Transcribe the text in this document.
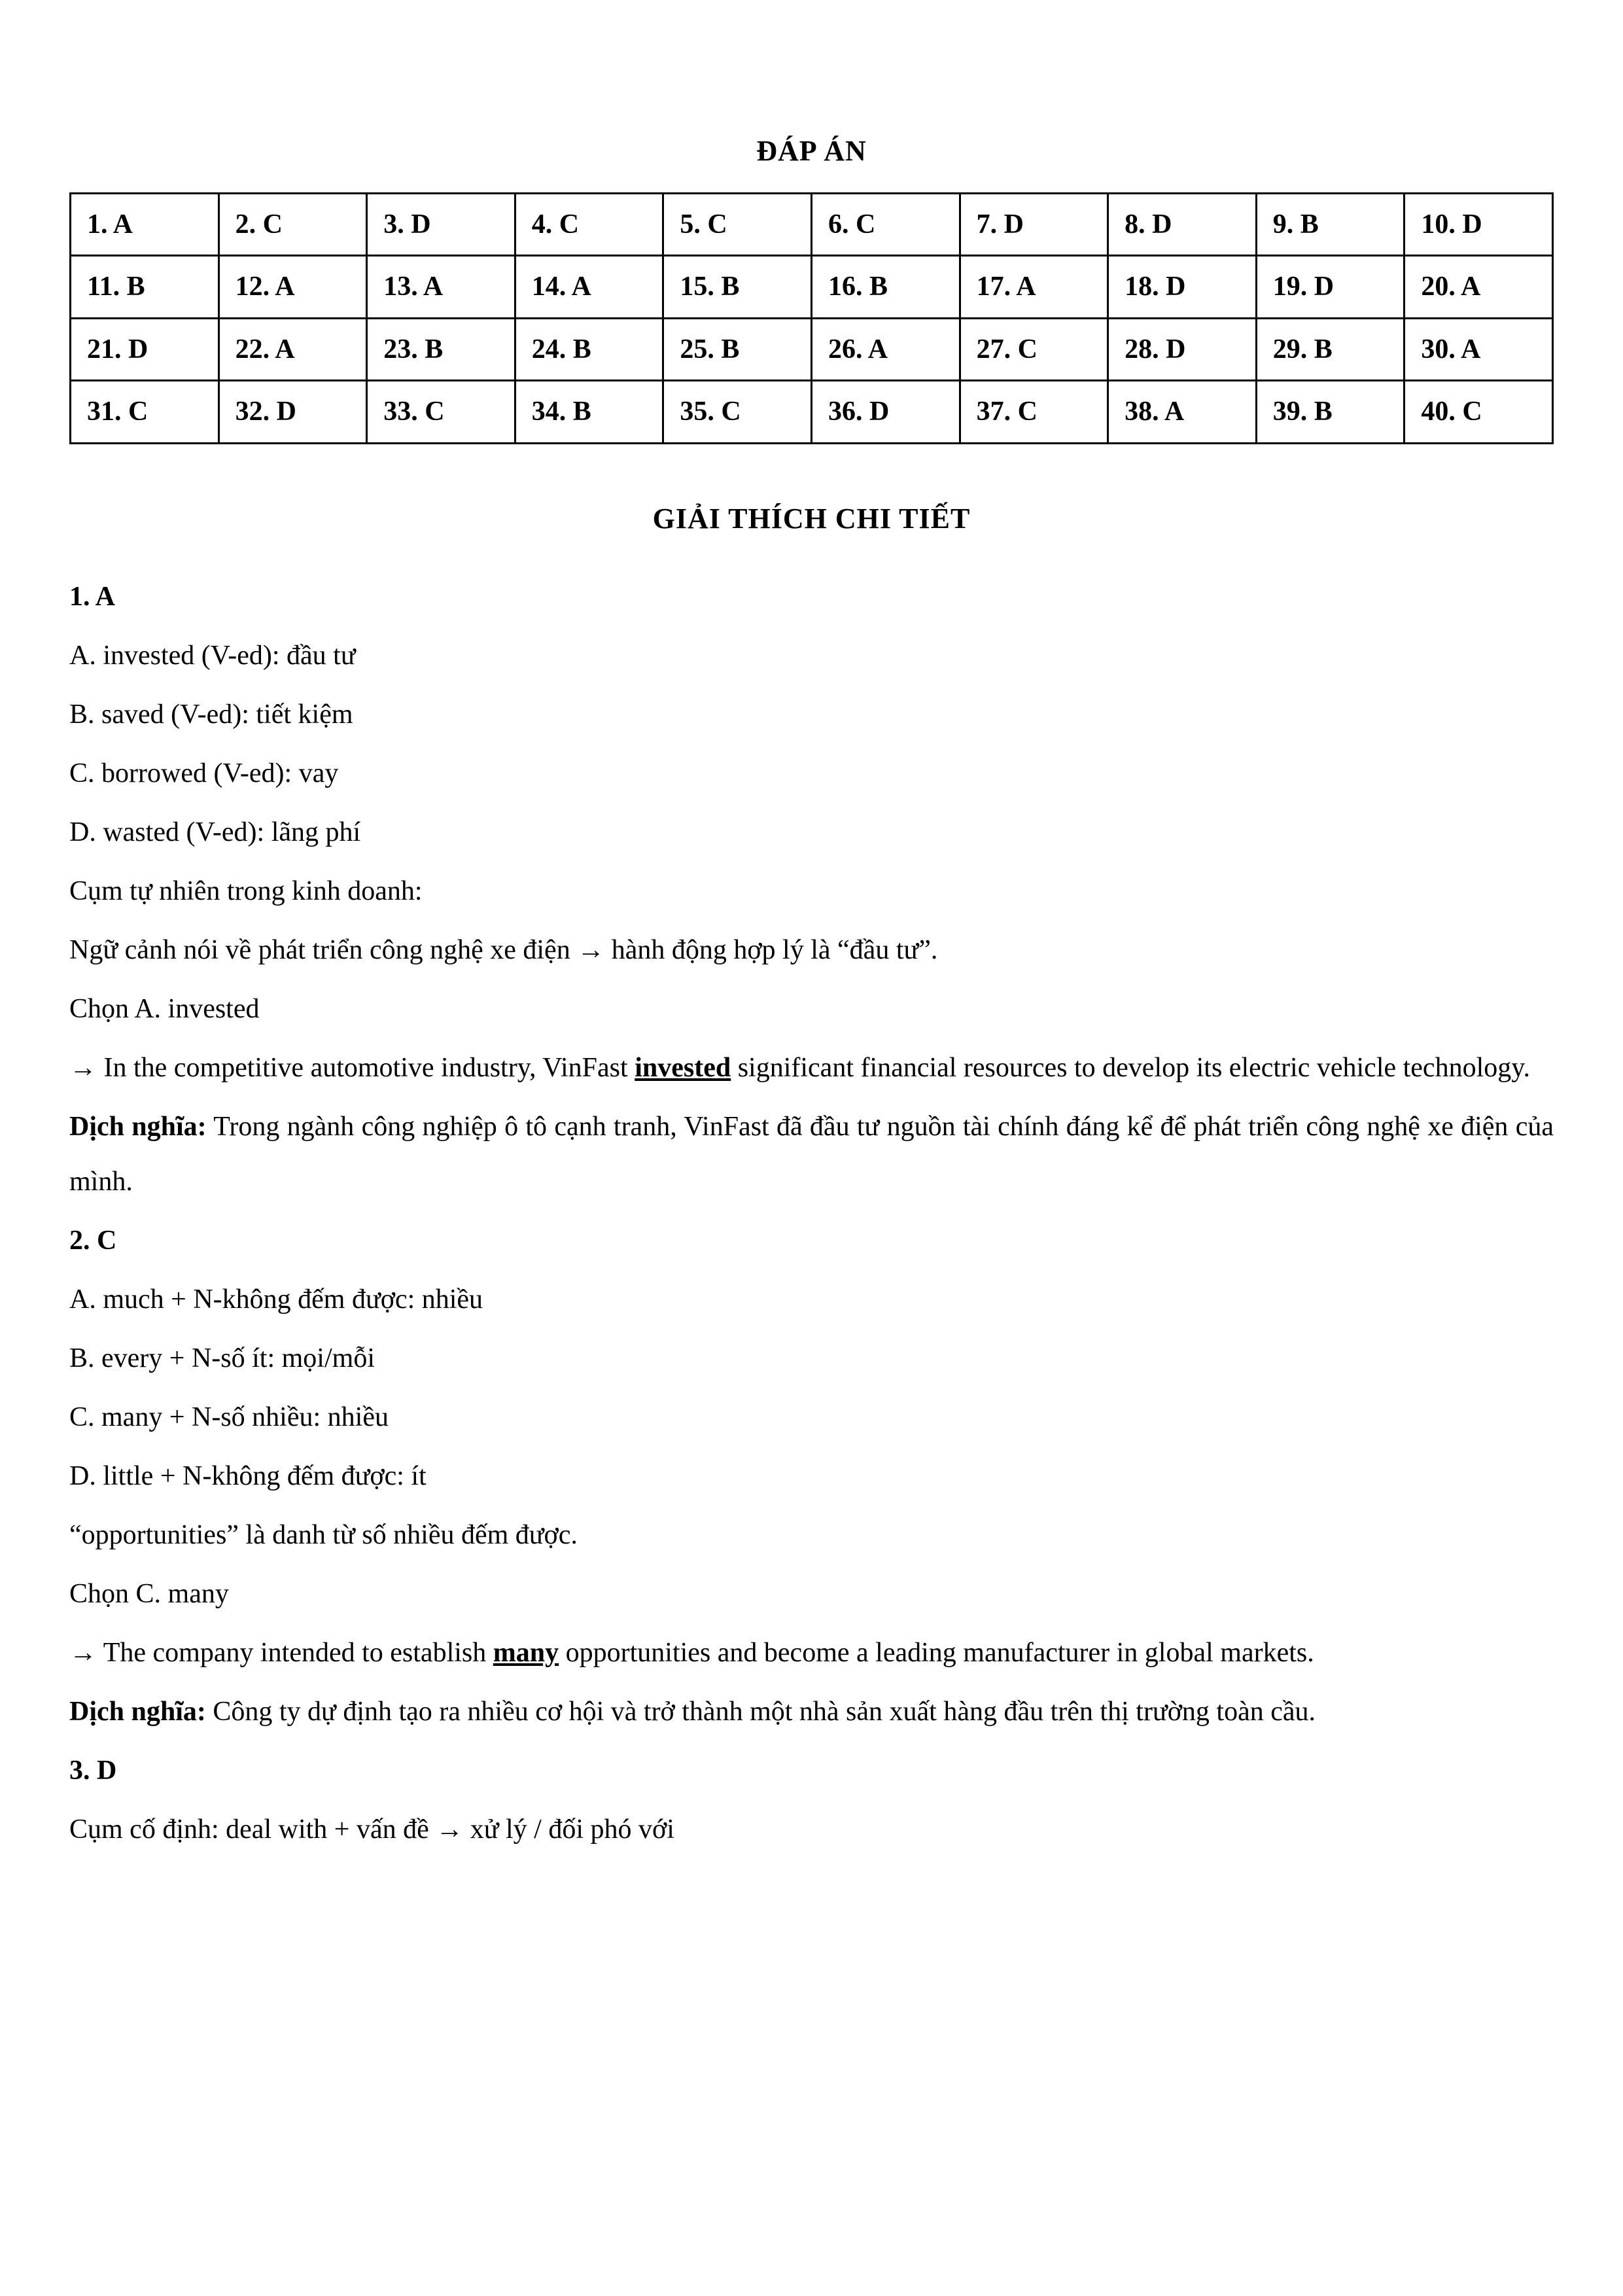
ĐÁP ÁN
1. A	2. C	3. D	4. C	5. C	6. C	7. D	8. D	9. B	10. D
11. B	12. A	13. A	14. A	15. B	16. B	17. A	18. D	19. D	20. A
21. D	22. A	23. B	24. B	25. B	26. A	27. C	28. D	29. B	30. A
31. C	32. D	33. C	34. B	35. C	36. D	37. C	38. A	39. B	40. C
GIẢI THÍCH CHI TIẾT

1. A

A. invested (V-ed): đầu tư

B. saved (V-ed): tiết kiệm

C. borrowed (V-ed): vay

D. wasted (V-ed): lãng phí

Cụm tự nhiên trong kinh doanh:

Ngữ cảnh nói về phát triển công nghệ xe điện → hành động hợp lý là “đầu tư”.

Chọn A. invested

→ In the competitive automotive industry, VinFast invested significant financial resources to develop its electric vehicle technology.

Dịch nghĩa: Trong ngành công nghiệp ô tô cạnh tranh, VinFast đã đầu tư nguồn tài chính đáng kể để phát triển công nghệ xe điện của mình.

2. C

A. much + N-không đếm được: nhiều

B. every + N-số ít: mọi/mỗi

C. many + N-số nhiều: nhiều

D. little + N-không đếm được: ít

“opportunities” là danh từ số nhiều đếm được.

Chọn C. many

→ The company intended to establish many opportunities and become a leading manufacturer in global markets.

Dịch nghĩa: Công ty dự định tạo ra nhiều cơ hội và trở thành một nhà sản xuất hàng đầu trên thị trường toàn cầu.

3. D

Cụm cố định: deal with + vấn đề → xử lý / đối phó với
